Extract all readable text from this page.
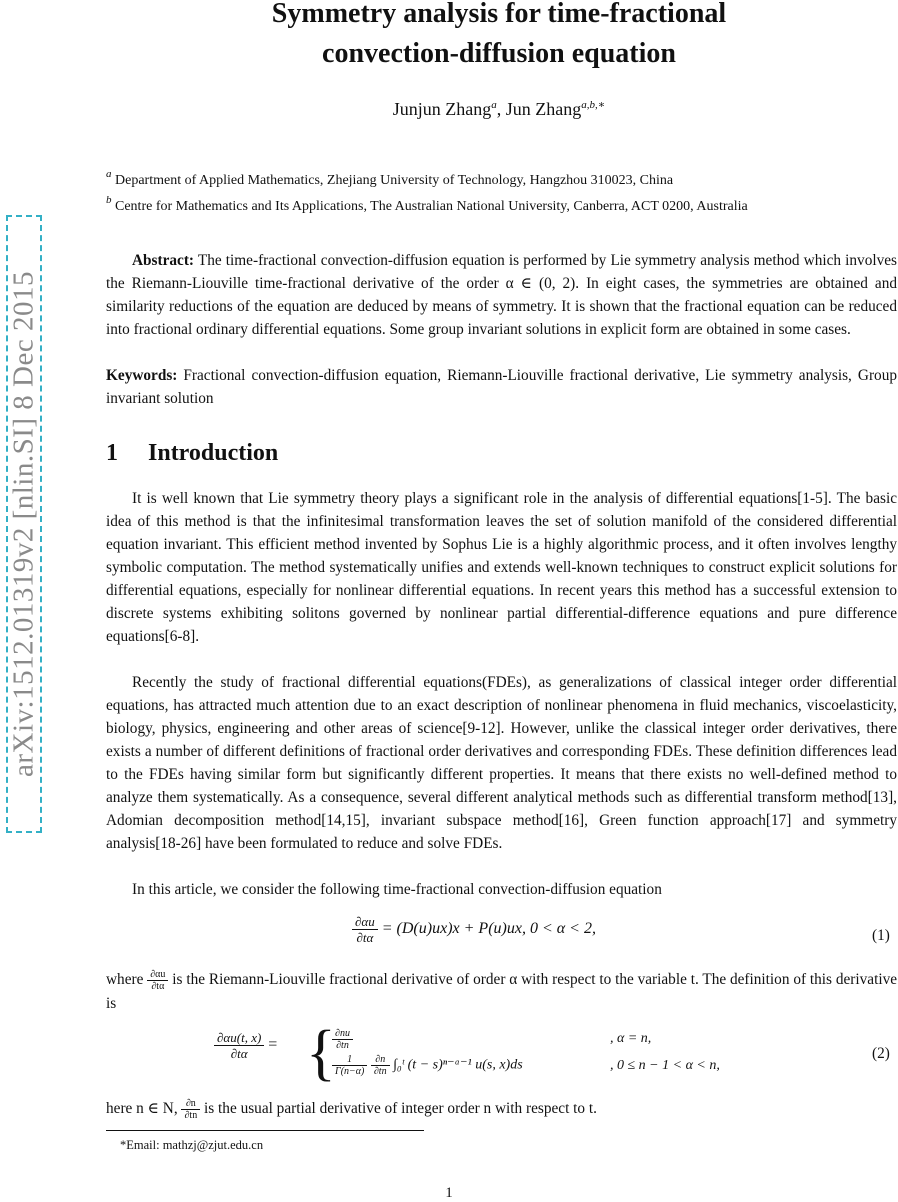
arXiv:1512.01319v2 [nlin.SI] 8 Dec 2015
Symmetry analysis for time-fractional
convection-diffusion equation
Junjun Zhang$^a$, Jun Zhang$^{a,b,∗}$
$^a$ Department of Applied Mathematics, Zhejiang University of Technology, Hangzhou 310023, China
$^b$ Centre for Mathematics and Its Applications, The Australian National University, Canberra, ACT 0200, Australia
Abstract: The time-fractional convection-diffusion equation is performed by Lie symmetry analysis method which involves the Riemann-Liouville time-fractional derivative of the order α ∈ (0, 2). In eight cases, the symmetries are obtained and similarity reductions of the equation are deduced by means of symmetry. It is shown that the fractional equation can be reduced into fractional ordinary differential equations. Some group invariant solutions in explicit form are obtained in some cases.
Keywords: Fractional convection-diffusion equation, Riemann-Liouville fractional derivative, Lie symmetry analysis, Group invariant solution
1 Introduction
It is well known that Lie symmetry theory plays a significant role in the analysis of differential equations[1-5]. The basic idea of this method is that the infinitesimal transformation leaves the set of solution manifold of the considered differential equation invariant. This efficient method invented by Sophus Lie is a highly algorithmic process, and it often involves lengthy symbolic computation. The method systematically unifies and extends well-known techniques to construct explicit solutions for differential equations, especially for nonlinear differential equations. In recent years this method has a successful extension to discrete systems exhibiting solitons governed by nonlinear partial differential-difference equations and pure difference equations[6-8].
Recently the study of fractional differential equations(FDEs), as generalizations of classical integer order differential equations, has attracted much attention due to an exact description of nonlinear phenomena in fluid mechanics, viscoelasticity, biology, physics, engineering and other areas of science[9-12]. However, unlike the classical integer order derivatives, there exists a number of different definitions of fractional order derivatives and corresponding FDEs. These definition differences lead to the FDEs having similar form but significantly different properties. It means that there exists no well-defined method to analyze them systematically. As a consequence, several different analytical methods such as differential transform method[13], Adomian decomposition method[14,15], invariant subspace method[16], Green function approach[17] and symmetry analysis[18-26] have been formulated to reduce and solve FDEs.
In this article, we consider the following time-fractional convection-diffusion equation
$\frac{\partial\alpha u}{\partial t\alpha} = (D(u)ux)x + P(u)ux$, 0 < α < 2,	(1)
where $\frac{\partial\alpha u}{\partial t\alpha}$ is the Riemann-Liouville fractional derivative of order α with respect to the variable t. The definition of this derivative is
$\frac{\partial\alpha u(t, x)}{\partial t\alpha}$ = {
$\frac{\partial nu}{\partial tn}$	, α = n,
$\frac{1}{\Gamma(n-\alpha)}$
$\frac{\partial n}{\partial tn}$ ∫₀ᵗ (t − s)ⁿ⁻ᵅ⁻¹ u(s, x)ds	, 0 ≤ n − 1 < α < n,
(2)
here n ∈ N, $\frac{\partial n}{\partial tn}$ is the usual partial derivative of integer order n with respect to t.
*Email: mathzj@zjut.edu.cn
1
